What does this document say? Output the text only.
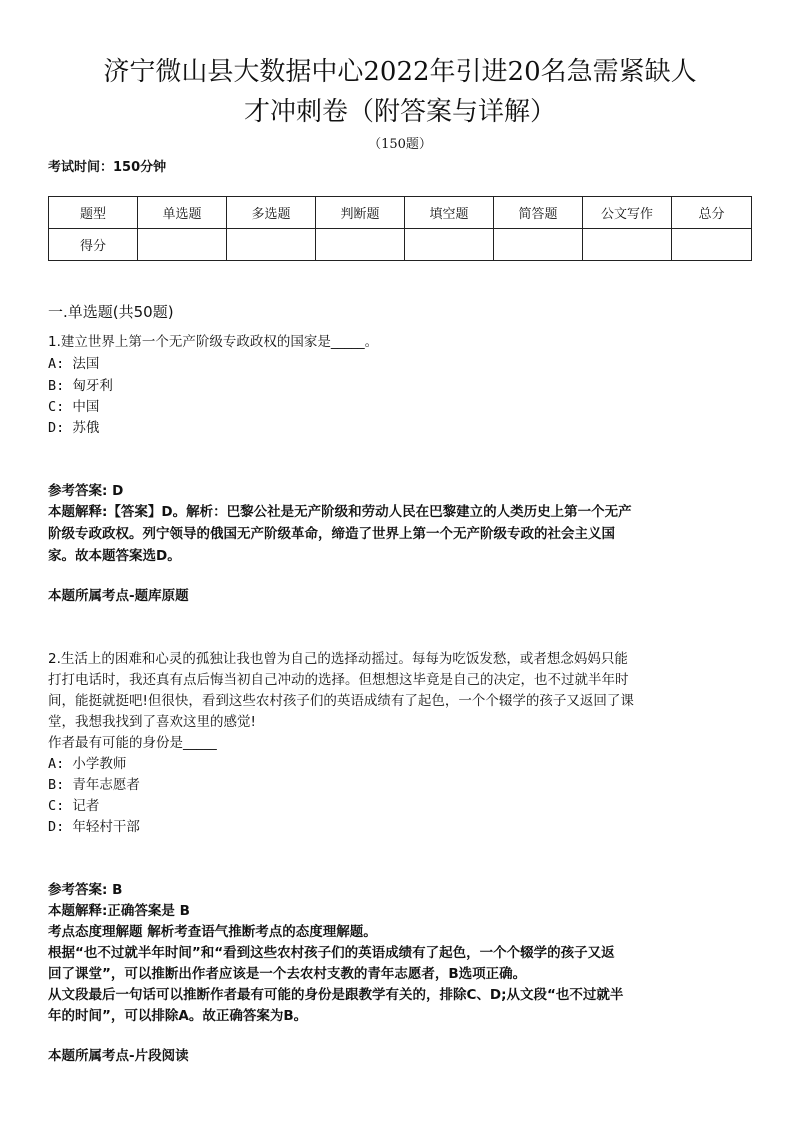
济宁微山县大数据中心2022年引进20名急需紧缺人
才冲刺卷（附答案与详解）
（150题）
考试时间：150分钟
题型	单选题	多选题	判断题	填空题	简答题	公文写作	总分
得分							
一.单选题(共50题)
1.建立世界上第一个无产阶级专政政权的国家是_____。
A: 法国
B: 匈牙利
C: 中国
D: 苏俄
参考答案: D
本题解释:【答案】D。解析：巴黎公社是无产阶级和劳动人民在巴黎建立的人类历史上第一个无产
阶级专政政权。列宁领导的俄国无产阶级革命，缔造了世界上第一个无产阶级专政的社会主义国
家。故本题答案选D。
本题所属考点-题库原题
2.生活上的困难和心灵的孤独让我也曾为自己的选择动摇过。每每为吃饭发愁，或者想念妈妈只能
打打电话时，我还真有点后悔当初自己冲动的选择。但想想这毕竟是自己的决定，也不过就半年时
间，能挺就挺吧!但很快，看到这些农村孩子们的英语成绩有了起色，一个个辍学的孩子又返回了课
堂，我想我找到了喜欢这里的感觉!
作者最有可能的身份是_____
A: 小学教师
B: 青年志愿者
C: 记者
D: 年轻村干部
参考答案: B
本题解释:正确答案是 B
考点态度理解题 解析考查语气推断考点的态度理解题。
根据“也不过就半年时间”和“看到这些农村孩子们的英语成绩有了起色，一个个辍学的孩子又返
回了课堂”，可以推断出作者应该是一个去农村支教的青年志愿者，B选项正确。
从文段最后一句话可以推断作者最有可能的身份是跟教学有关的，排除C、D;从文段“也不过就半
年的时间”，可以排除A。故正确答案为B。
本题所属考点-片段阅读
